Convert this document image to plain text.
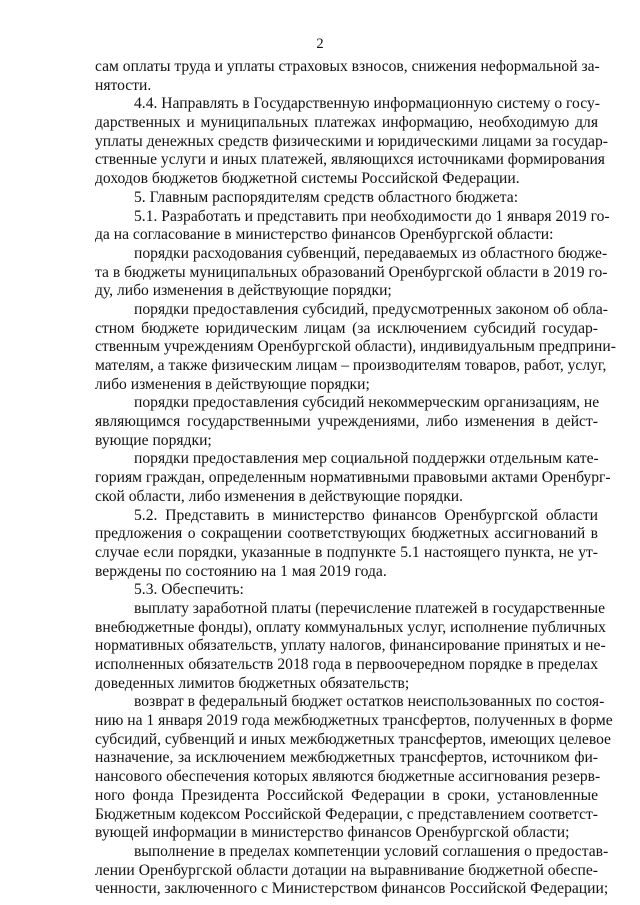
2
сам оплаты труда и уплаты страховых взносов, снижения неформальной за-
нятости.
4.4. Направлять в Государственную информационную систему о госу-
дарственных и муниципальных платежах информацию, необходимую для
уплаты денежных средств физическими и юридическими лицами за государ-
ственные услуги и иных платежей, являющихся источниками формирования
доходов бюджетов бюджетной системы Российской Федерации.
5. Главным распорядителям средств областного бюджета:
5.1. Разработать и представить при необходимости до 1 января 2019 го-
да на согласование в министерство финансов Оренбургской области:
порядки расходования субвенций, передаваемых из областного бюдже-
та в бюджеты муниципальных образований Оренбургской области в 2019 го-
ду, либо изменения в действующие порядки;
порядки предоставления субсидий, предусмотренных законом об обла-
стном бюджете юридическим лицам (за исключением субсидий государ-
ственным учреждениям Оренбургской области), индивидуальным предприни-
мателям, а также физическим лицам – производителям товаров, работ, услуг,
либо изменения в действующие порядки;
порядки предоставления субсидий некоммерческим организациям, не
являющимся государственными учреждениями, либо изменения в дейст-
вующие порядки;
порядки предоставления мер социальной поддержки отдельным кате-
гориям граждан, определенным нормативными правовыми актами Оренбург-
ской области, либо изменения в действующие порядки.
5.2. Представить в министерство финансов Оренбургской области
предложения о сокращении соответствующих бюджетных ассигнований в
случае если порядки, указанные в подпункте 5.1 настоящего пункта, не ут-
верждены по состоянию на 1 мая 2019 года.
5.3. Обеспечить:
выплату заработной платы (перечисление платежей в государственные
внебюджетные фонды), оплату коммунальных услуг, исполнение публичных
нормативных обязательств, уплату налогов, финансирование принятых и не-
исполненных обязательств 2018 года в первоочередном порядке в пределах
доведенных лимитов бюджетных обязательств;
возврат в федеральный бюджет остатков неиспользованных по состоя-
нию на 1 января 2019 года межбюджетных трансфертов, полученных в форме
субсидий, субвенций и иных межбюджетных трансфертов, имеющих целевое
назначение, за исключением межбюджетных трансфертов, источником фи-
нансового обеспечения которых являются бюджетные ассигнования резерв-
ного фонда Президента Российской Федерации в сроки, установленные
Бюджетным кодексом Российской Федерации, с представлением соответст-
вующей информации в министерство финансов Оренбургской области;
выполнение в пределах компетенции условий соглашения о предостав-
лении Оренбургской области дотации на выравнивание бюджетной обеспе-
ченности, заключенного с Министерством финансов Российской Федерации;
